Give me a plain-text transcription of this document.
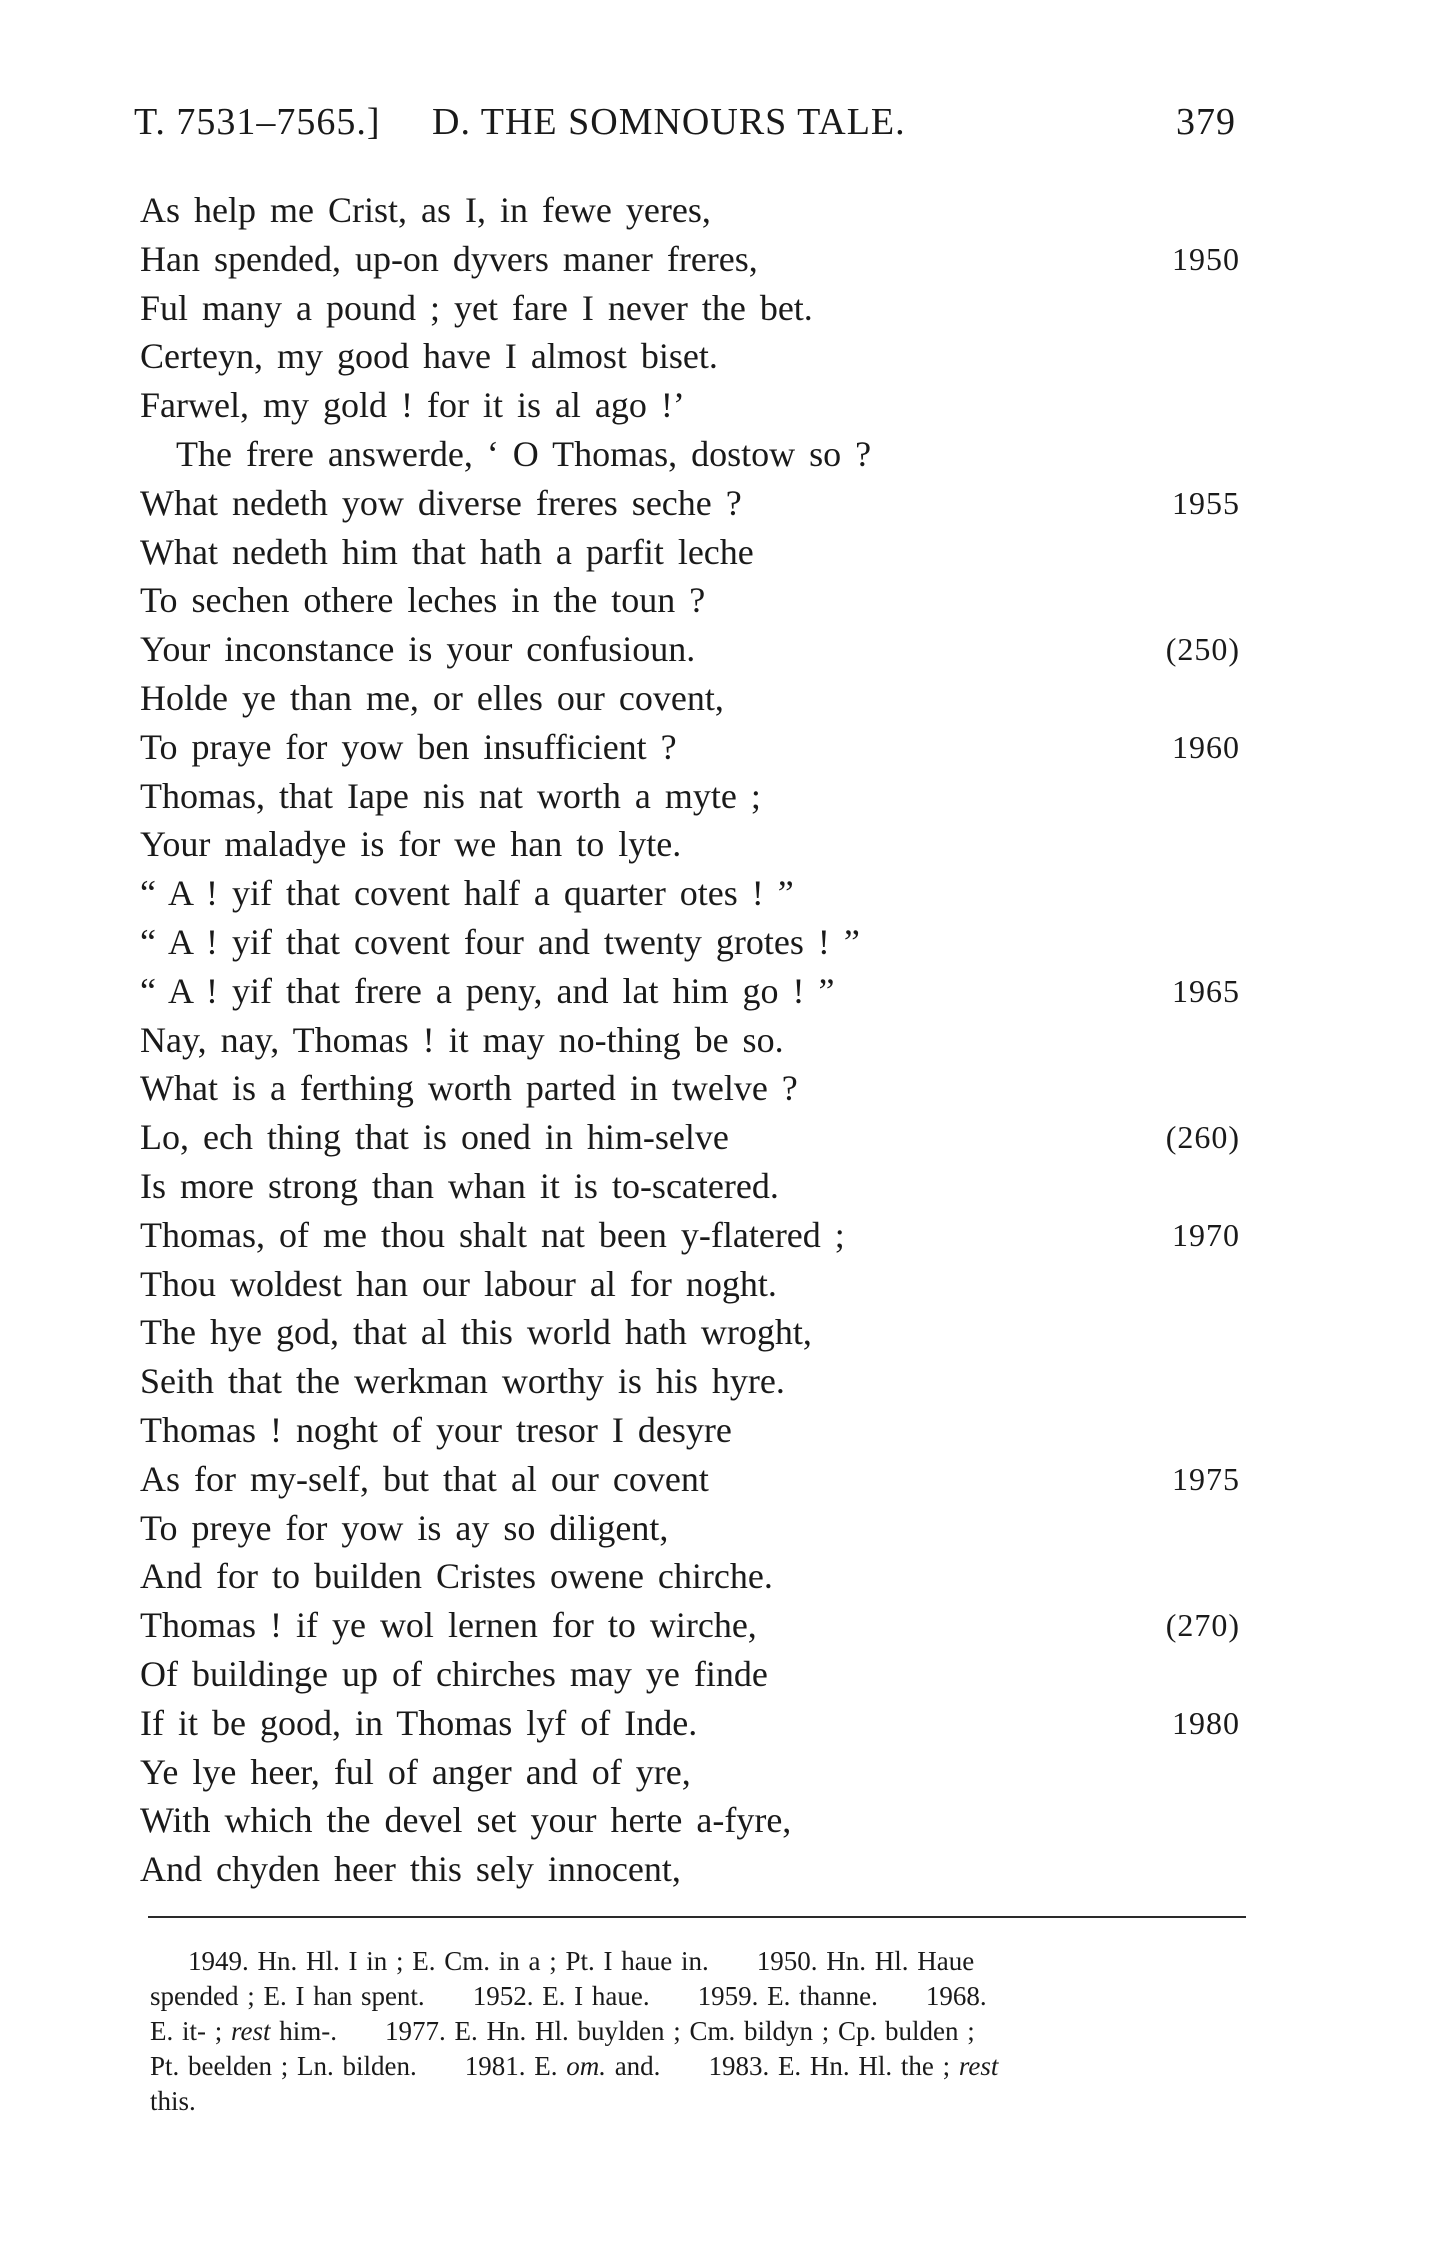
T. 7531–7565.] D. THE SOMNOURS TALE.	379
As help me Crist, as I, in fewe yeres,
Han spended, up-on dyvers maner freres,	1950
Ful many a pound ; yet fare I never the bet.
Certeyn, my good have I almost biset.
Farwel, my gold ! for it is al ago !’
The frere answerde, ‘ O Thomas, dostow so ?
What nedeth yow diverse freres seche ?	1955
What nedeth him that hath a parfit leche
To sechen othere leches in the toun ?
Your inconstance is your confusioun.	(250)
Holde ye than me, or elles our covent,
To praye for yow ben insufficient ?	1960
Thomas, that Iape nis nat worth a myte ;
Your maladye is for we han to lyte.
“ A ! yif that covent half a quarter otes ! ”
“ A ! yif that covent four and twenty grotes ! ”
“ A ! yif that frere a peny, and lat him go ! ”	1965
Nay, nay, Thomas ! it may no-thing be so.
What is a ferthing worth parted in twelve ?
Lo, ech thing that is oned in him-selve	(260)
Is more strong than whan it is to-scatered.
Thomas, of me thou shalt nat been y-flatered ;	1970
Thou woldest han our labour al for noght.
The hye god, that al this world hath wroght,
Seith that the werkman worthy is his hyre.
Thomas ! noght of your tresor I desyre
As for my-self, but that al our covent	1975
To preye for yow is ay so diligent,
And for to builden Cristes owene chirche.
Thomas ! if ye wol lernen for to wirche,	(270)
Of buildinge up of chirches may ye finde
If it be good, in Thomas lyf of Inde.	1980
Ye lye heer, ful of anger and of yre,
With which the devel set your herte a-fyre,
And chyden heer this sely innocent,
1949. Hn. Hl. I in ; E. Cm. in a ; Pt. I haue in. 1950. Hn. Hl. Haue
spended ; E. I han spent. 1952. E. I haue. 1959. E. thanne. 1968.
E. it- ; rest him-. 1977. E. Hn. Hl. buylden ; Cm. bildyn ; Cp. bulden ;
Pt. beelden ; Ln. bilden. 1981. E. om. and. 1983. E. Hn. Hl. the ; rest
this.
